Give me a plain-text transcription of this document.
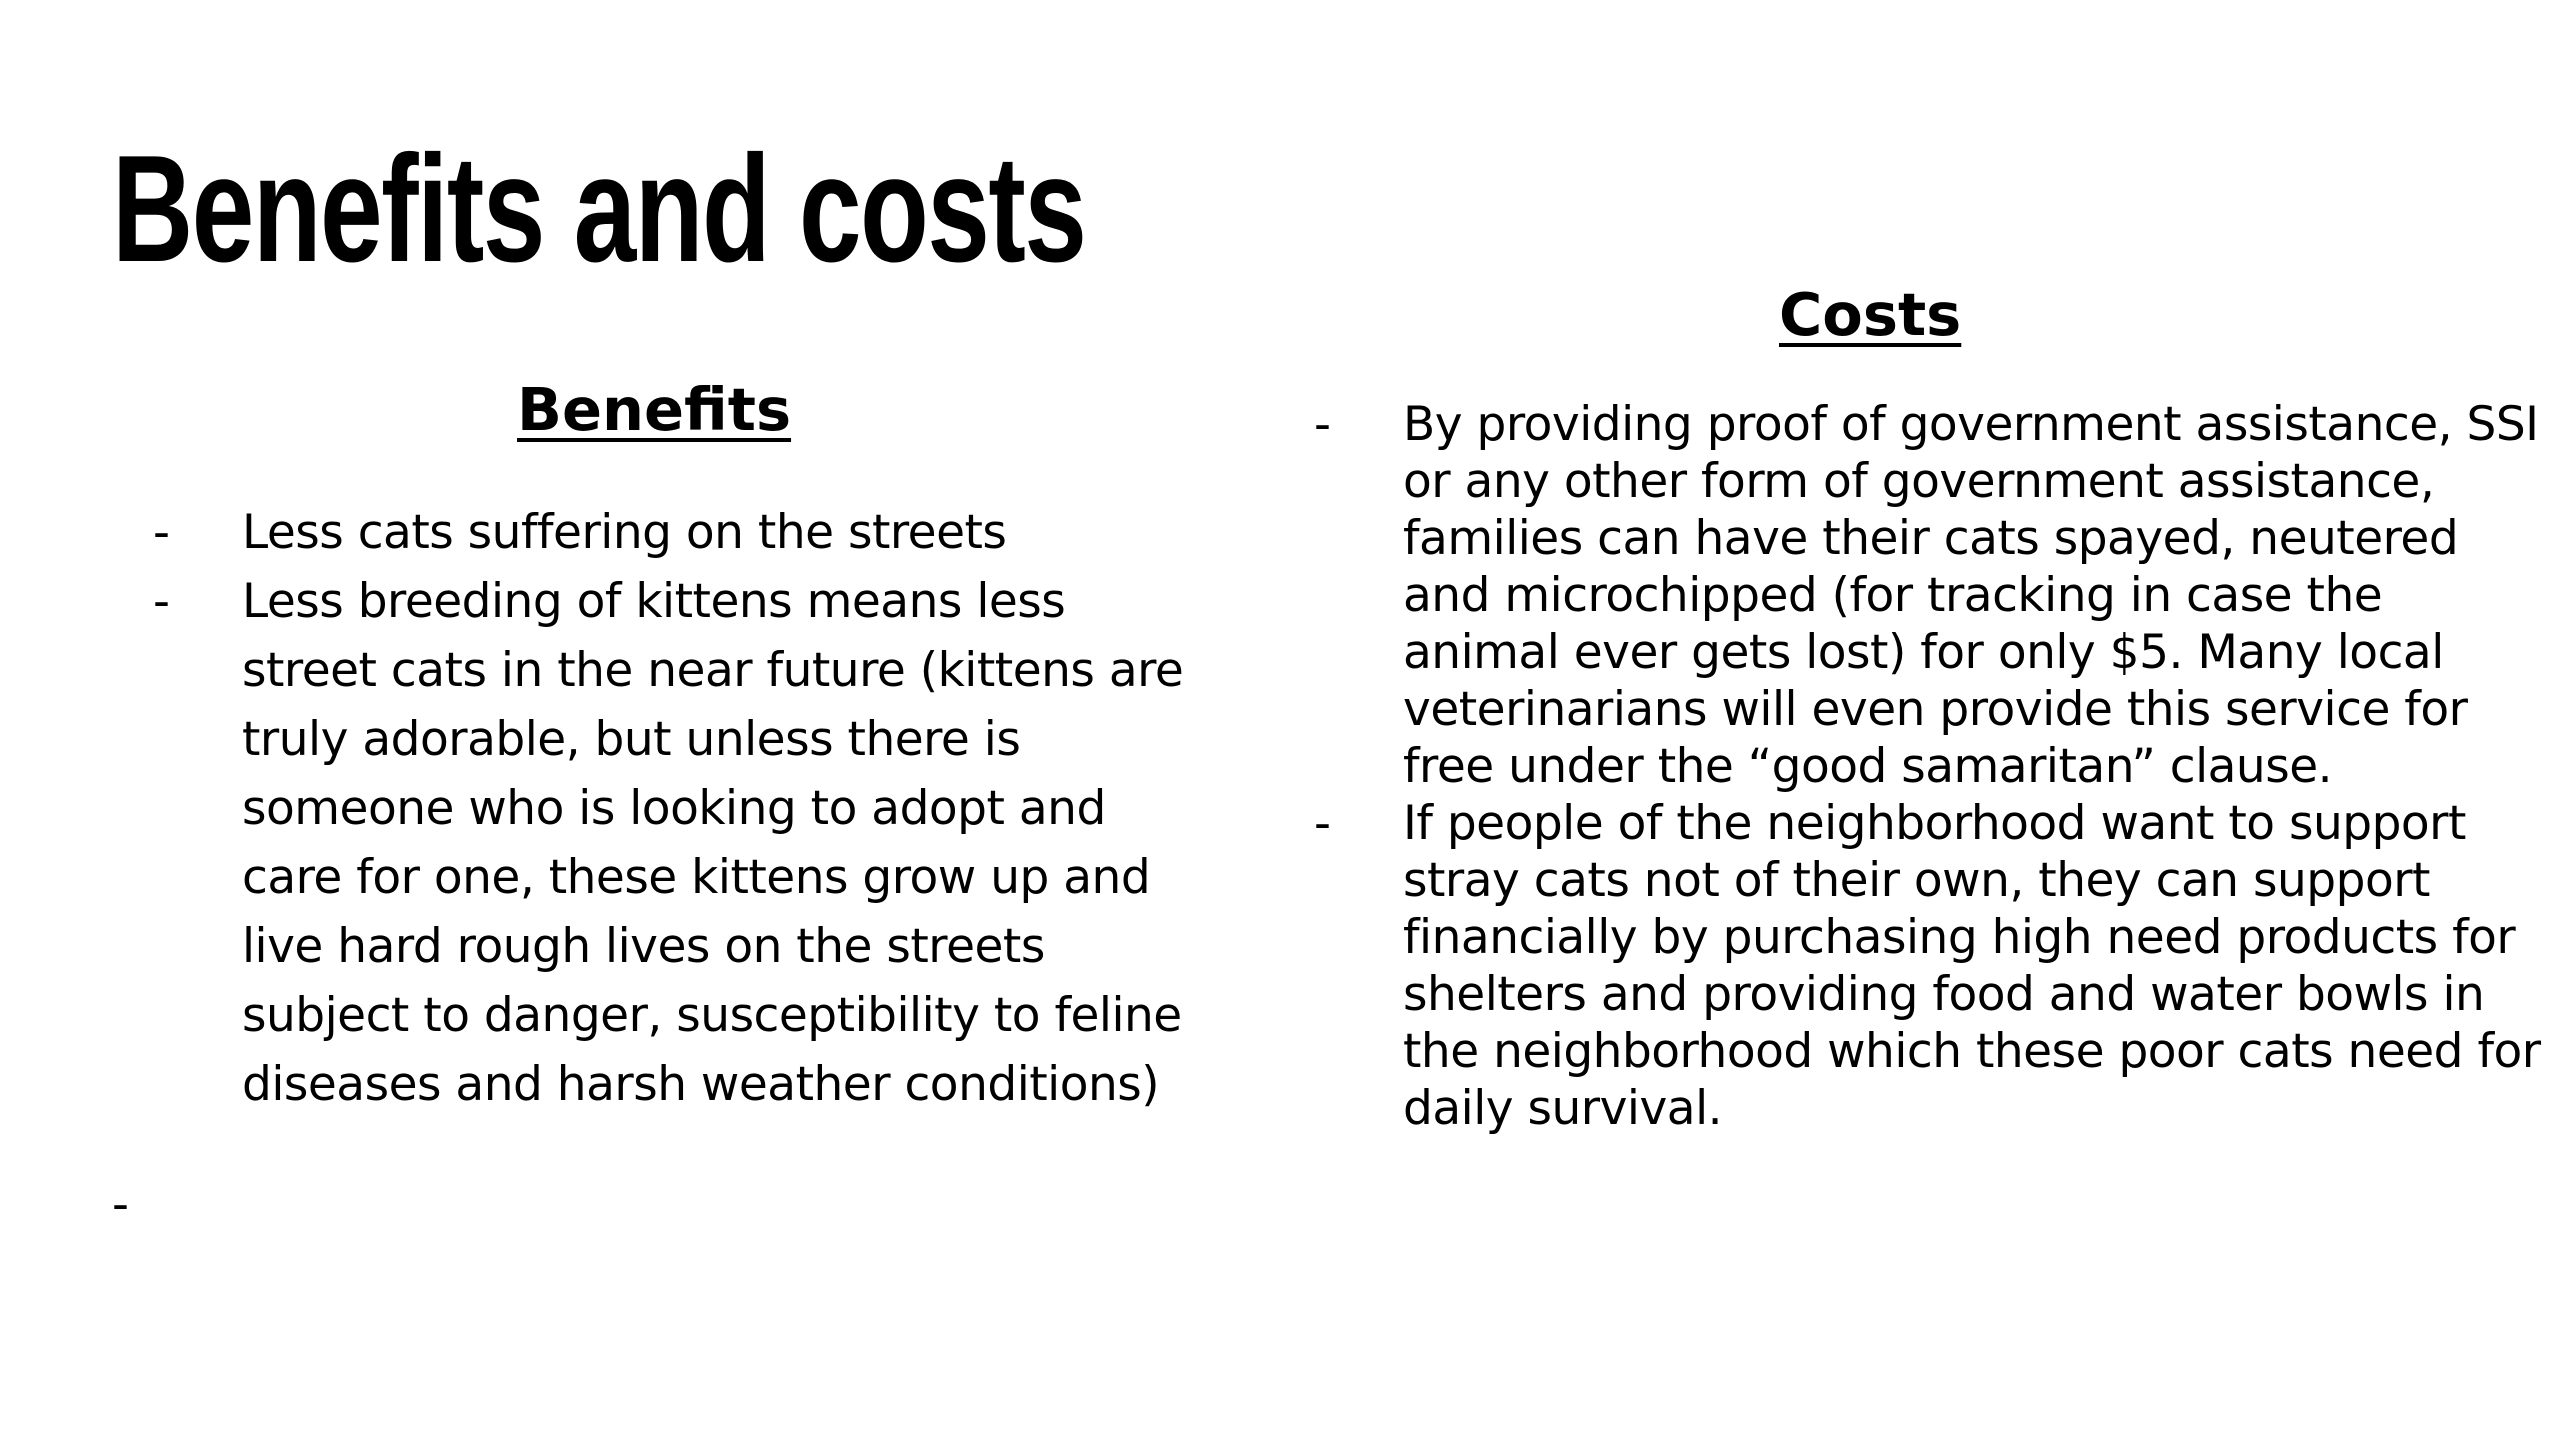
Benefits and costs
Benefits
- Less cats suffering on the streets
- Less breeding of kittens means less street cats in the near future (kittens are truly adorable, but unless there is someone who is looking to adopt and care for one, these kittens grow up and live hard rough lives on the streets subject to danger, susceptibility to feline diseases and harsh weather conditions)
-
Costs
- By providing proof of government assistance, SSI or any other form of government assistance, families can have their cats spayed, neutered and microchipped (for tracking in case the animal ever gets lost) for only $5. Many local veterinarians will even provide this service for free under the “good samaritan” clause.
- If people of the neighborhood want to support stray cats not of their own, they can support financially by purchasing high need products for shelters and providing food and water bowls in the neighborhood which these poor cats need for daily survival.
